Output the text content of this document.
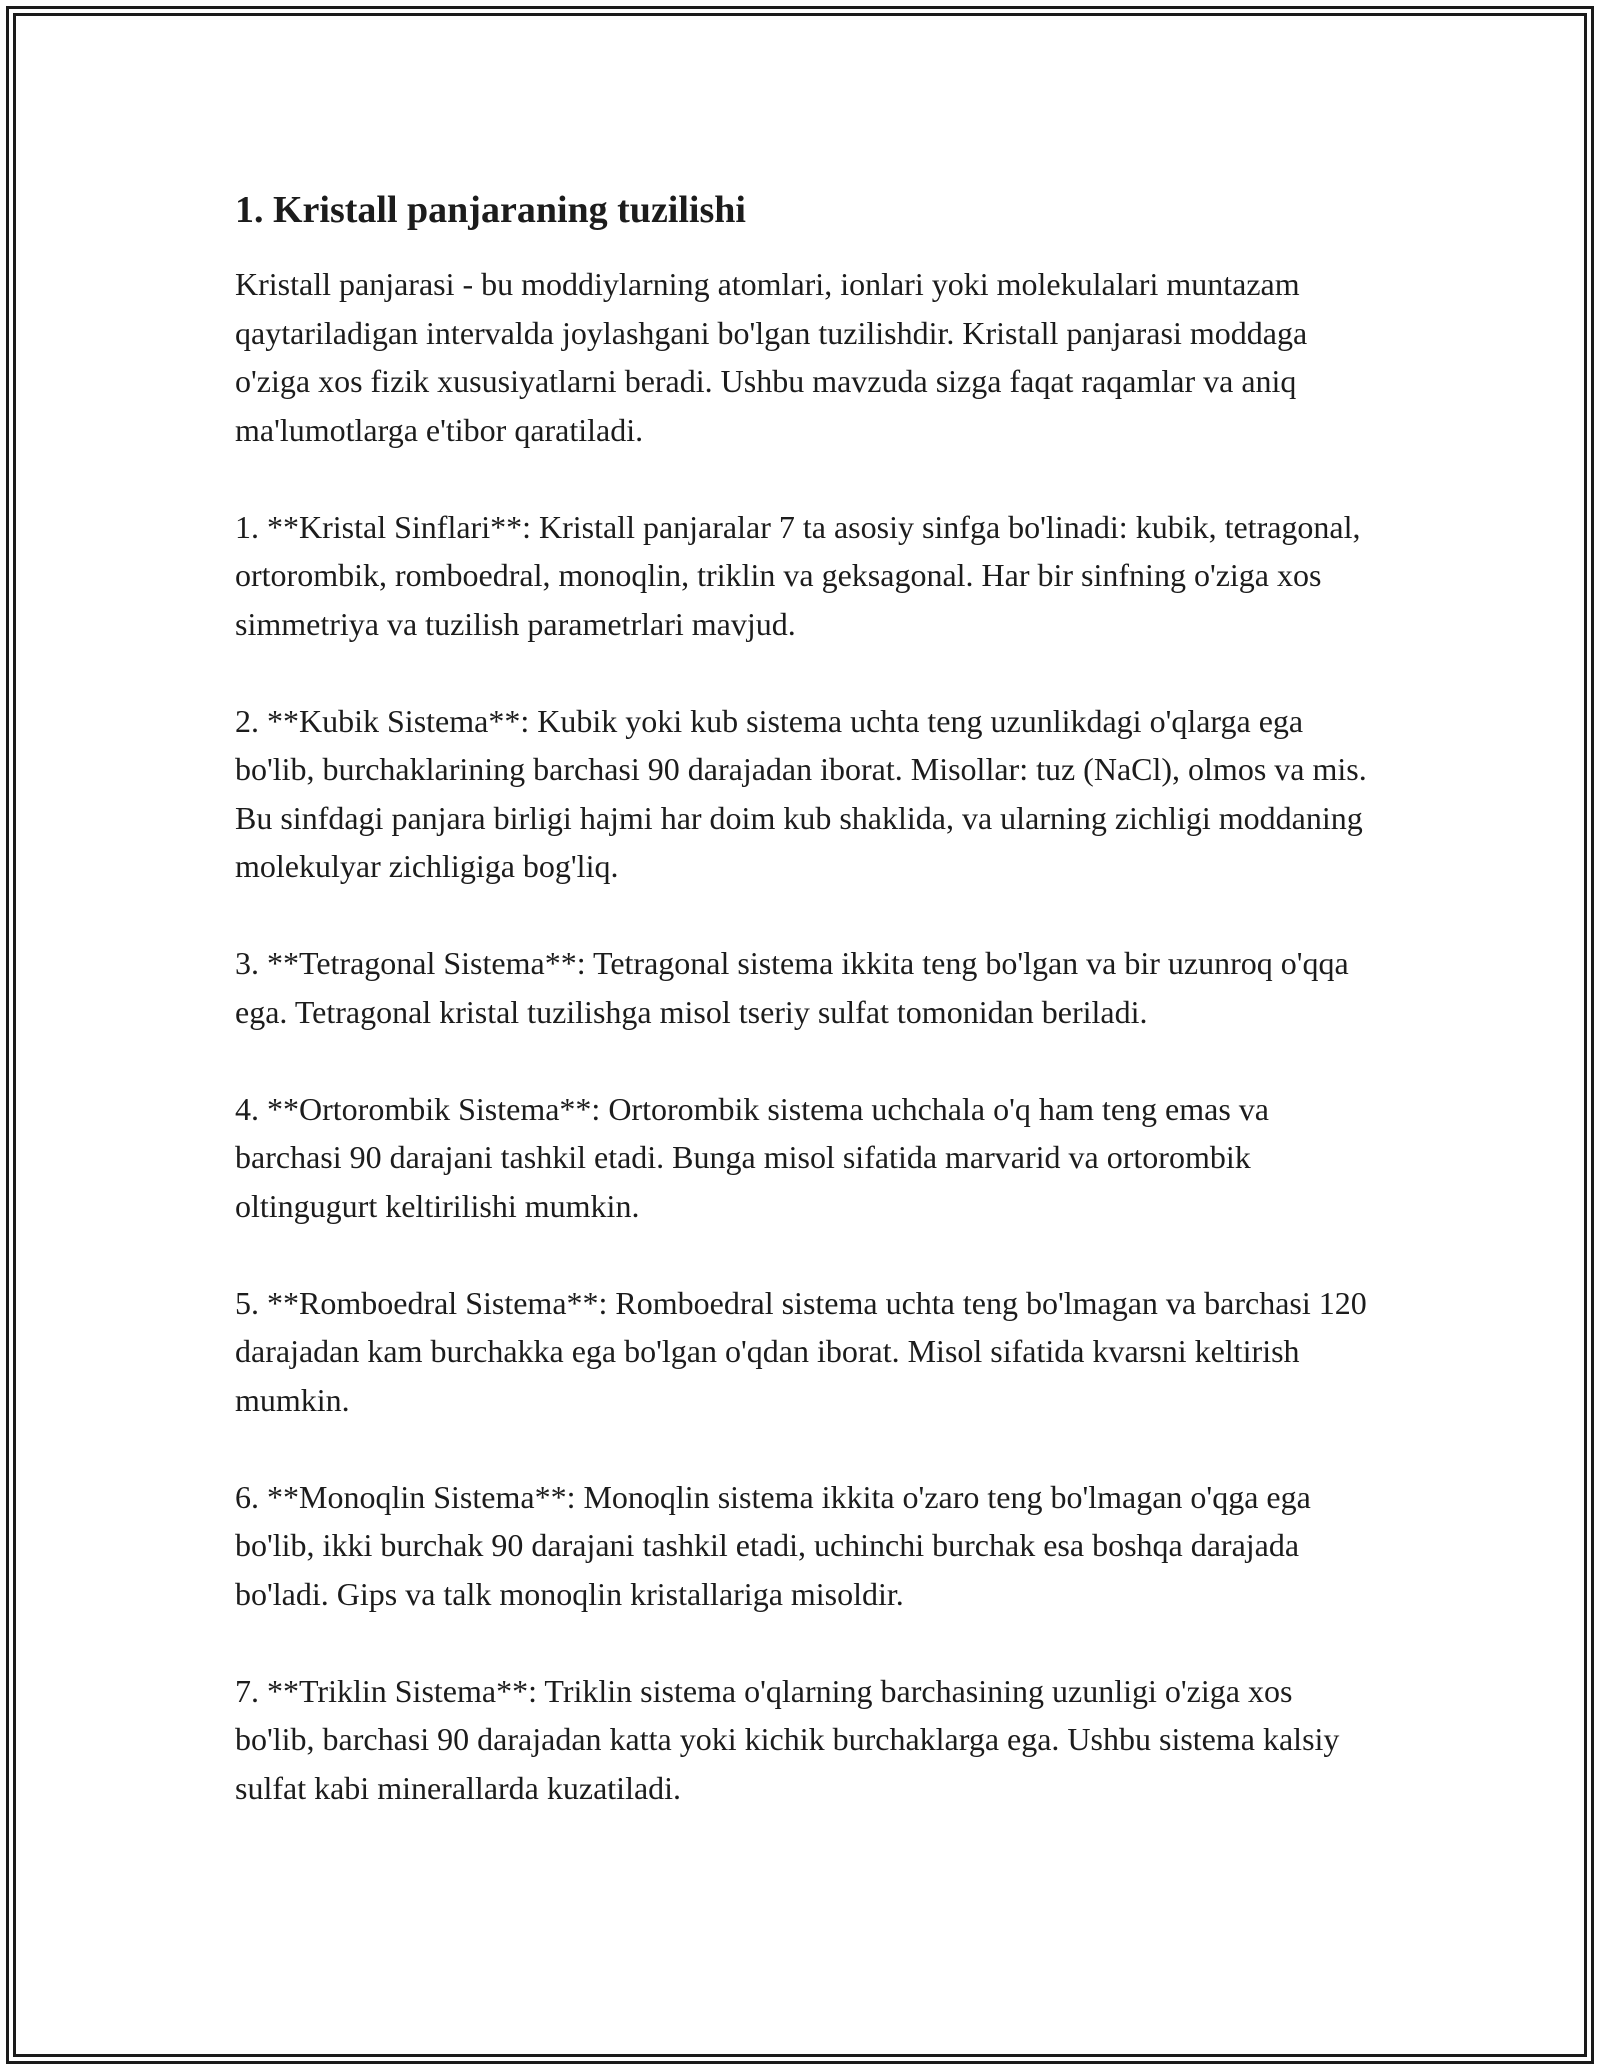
1. Kristall panjaraning tuzilishi

Kristall panjarasi - bu moddiylarning atomlari, ionlari yoki molekulalari muntazam qaytariladigan intervalda joylashgani bo'lgan tuzilishdir. Kristall panjarasi moddaga o'ziga xos fizik xususiyatlarni beradi. Ushbu mavzuda sizga faqat raqamlar va aniq ma'lumotlarga e'tibor qaratiladi.

1. **Kristal Sinflari**: Kristall panjaralar 7 ta asosiy sinfga bo'linadi: kubik, tetragonal, ortorombik, romboedral, monoqlin, triklin va geksagonal. Har bir sinfning o'ziga xos simmetriya va tuzilish parametrlari mavjud.

2. **Kubik Sistema**: Kubik yoki kub sistema uchta teng uzunlikdagi o'qlarga ega bo'lib, burchaklarining barchasi 90 darajadan iborat. Misollar: tuz (NaCl), olmos va mis. Bu sinfdagi panjara birligi hajmi har doim kub shaklida, va ularning zichligi moddaning molekulyar zichligiga bog'liq.

3. **Tetragonal Sistema**: Tetragonal sistema ikkita teng bo'lgan va bir uzunroq o'qqa ega. Tetragonal kristal tuzilishga misol tseriy sulfat tomonidan beriladi.

4. **Ortorombik Sistema**: Ortorombik sistema uchchala o'q ham teng emas va barchasi 90 darajani tashkil etadi. Bunga misol sifatida marvarid va ortorombik oltingugurt keltirilishi mumkin.

5. **Romboedral Sistema**: Romboedral sistema uchta teng bo'lmagan va barchasi 120 darajadan kam burchakka ega bo'lgan o'qdan iborat. Misol sifatida kvarsni keltirish mumkin.

6. **Monoqlin Sistema**: Monoqlin sistema ikkita o'zaro teng bo'lmagan o'qga ega bo'lib, ikki burchak 90 darajani tashkil etadi, uchinchi burchak esa boshqa darajada bo'ladi. Gips va talk monoqlin kristallariga misoldir.

7. **Triklin Sistema**: Triklin sistema o'qlarning barchasining uzunligi o'ziga xos bo'lib, barchasi 90 darajadan katta yoki kichik burchaklarga ega. Ushbu sistema kalsiy sulfat kabi minerallarda kuzatiladi.
